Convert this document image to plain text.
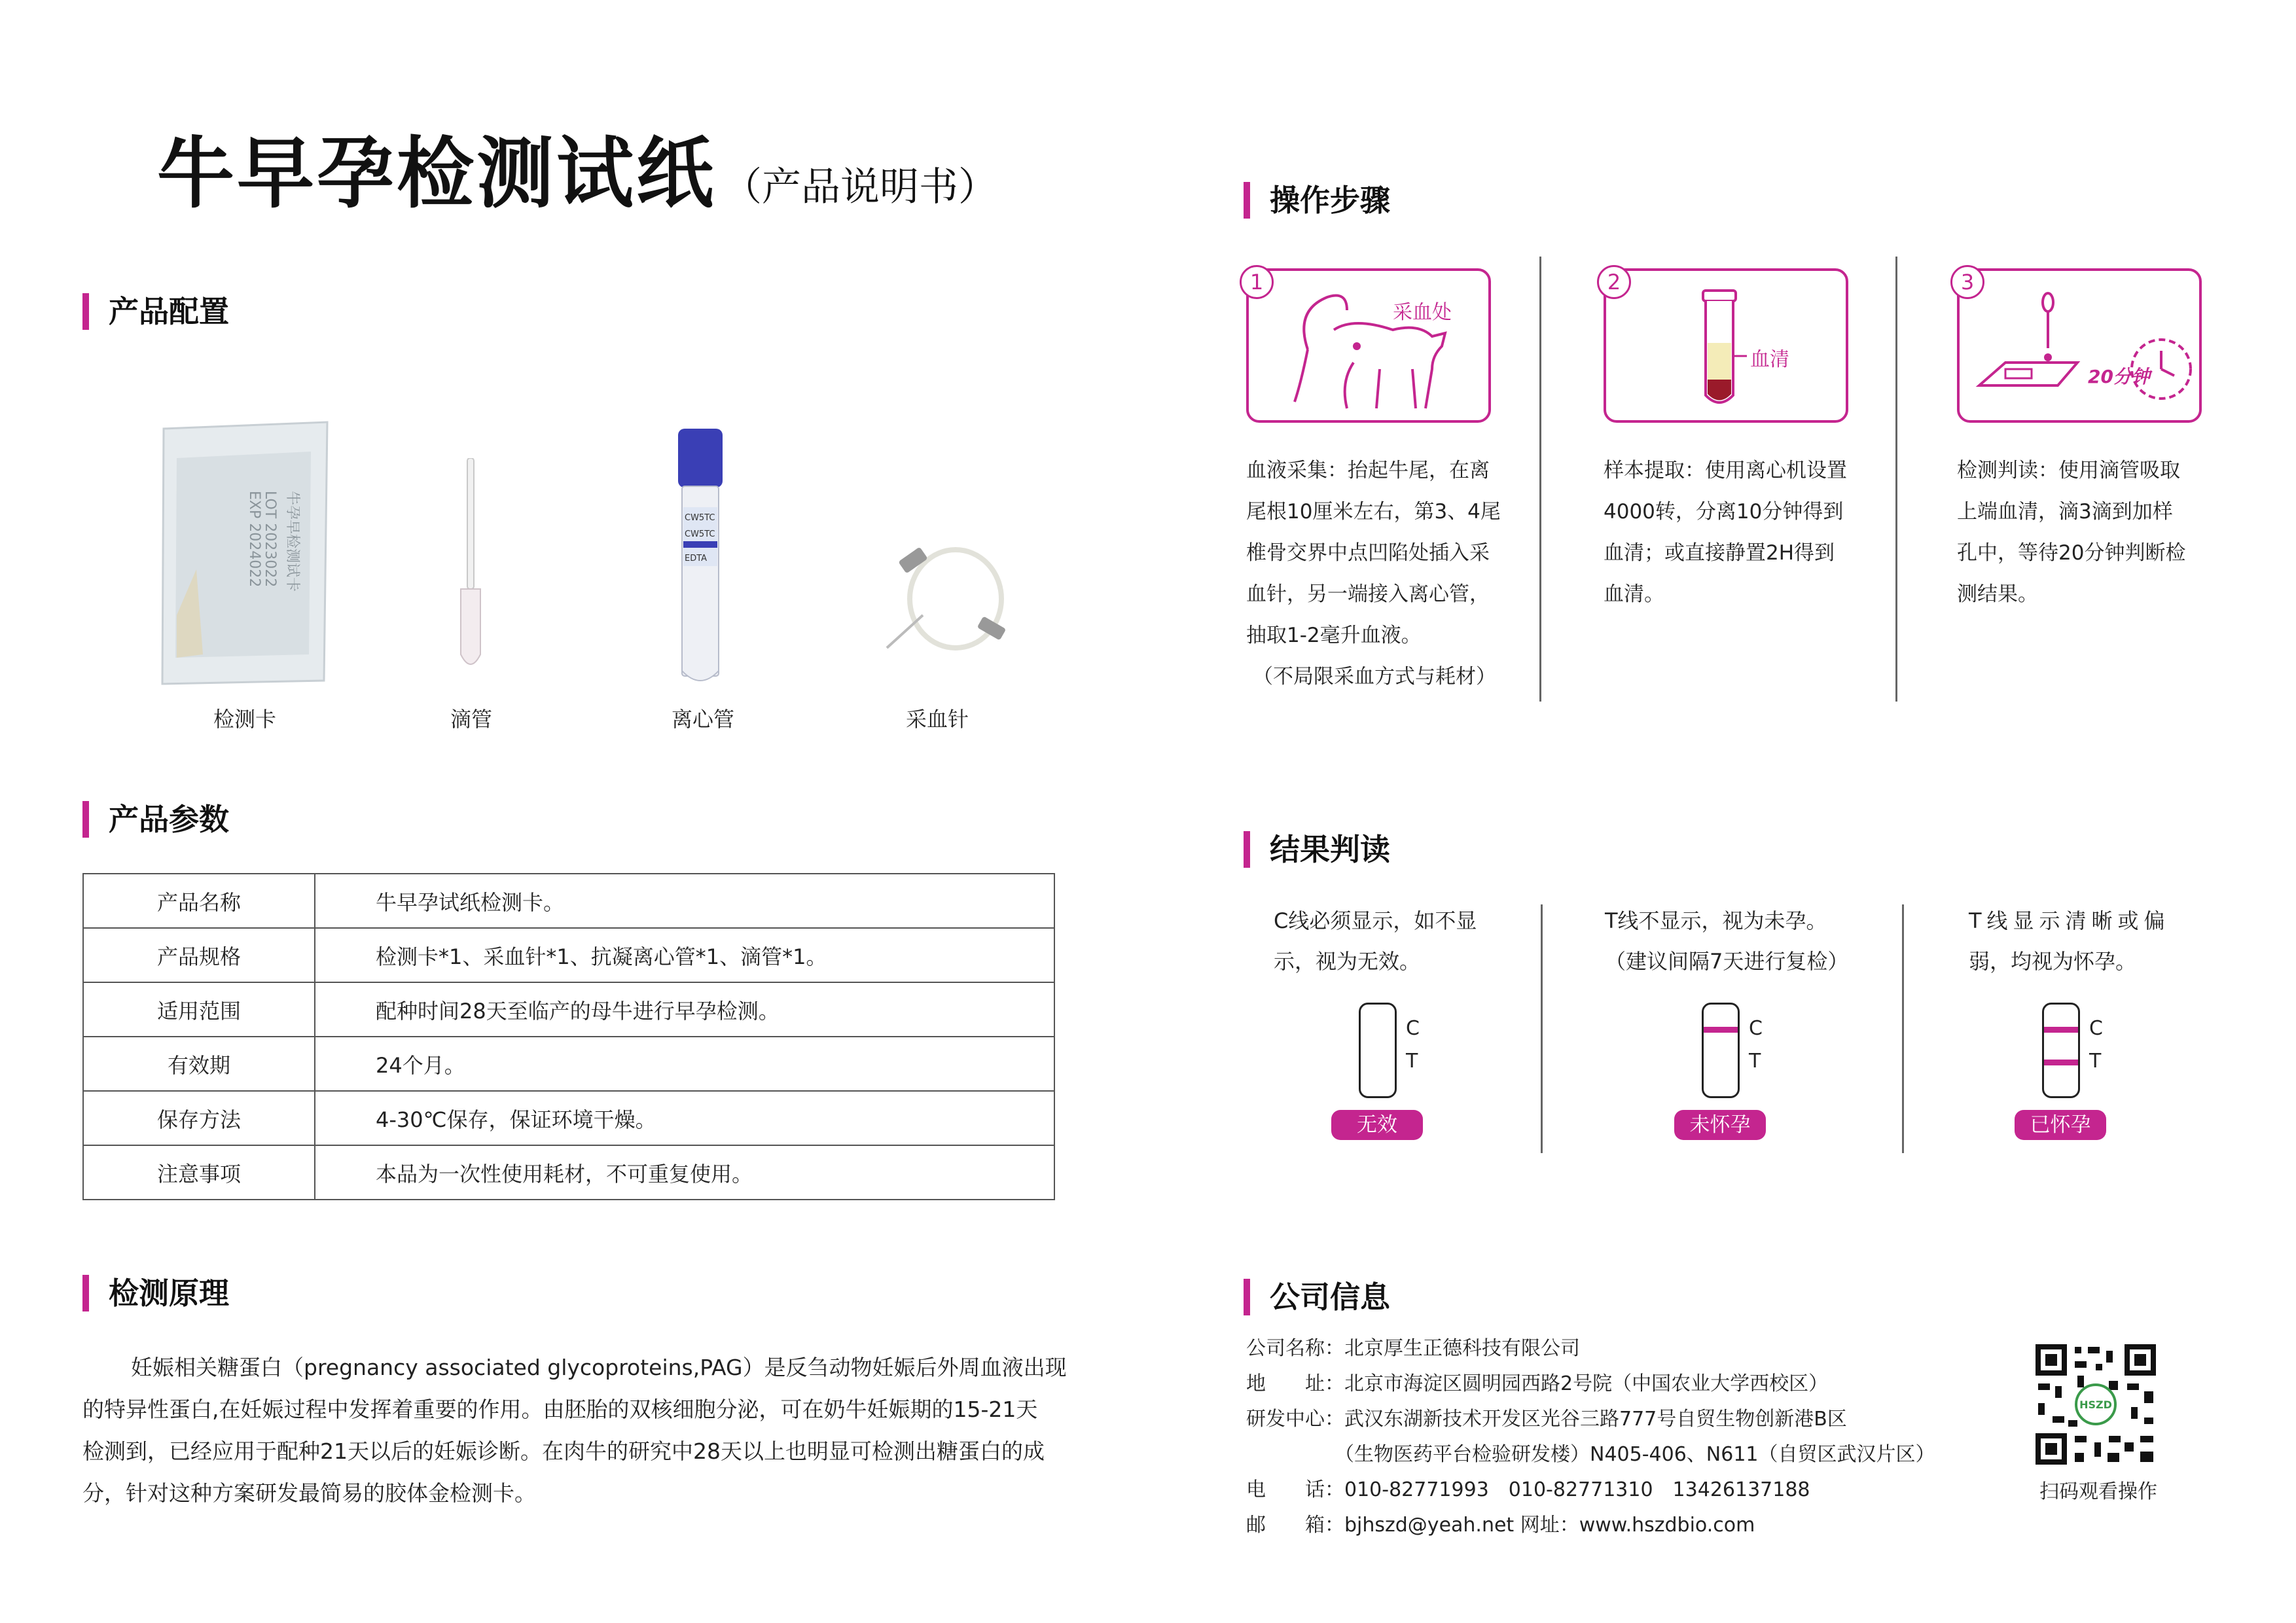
牛早孕检测试纸 （产品说明书）
产品配置
牛孕早检测试卡
LOT 2023022
EXP 2024022	CW5TC
CW5TC
EDTA
检测卡	滴管	离心管	采血针
产品参数
产品名称	牛早孕试纸检测卡。
产品规格	检测卡*1、采血针*1、抗凝离心管*1、滴管*1。
适用范围	配种时间28天至临产的母牛进行早孕检测。
有效期	24个月。
保存方法	4-30℃保存，保证环境干燥。
注意事项	本品为一次性使用耗材，不可重复使用。
检测原理
妊娠相关糖蛋白（pregnancy associated glycoproteins,PAG）是反刍动物妊娠后外周血液出现
的特异性蛋白,在妊娠过程中发挥着重要的作用。由胚胎的双核细胞分泌，可在奶牛妊娠期的15-21天
检测到，已经应用于配种21天以后的妊娠诊断。在肉牛的研究中28天以上也明显可检测出糖蛋白的成
分，针对这种方案研发最简易的胶体金检测卡。
操作步骤
采血处
1
血液采集：抬起牛尾，在离
尾根10厘米左右，第3、4尾
椎骨交界中点凹陷处插入采
血针，另一端接入离心管，
抽取1-2毫升血液。
（不局限采血方式与耗材）
血清
2
样本提取：使用离心机设置
4000转，分离10分钟得到
血清；或直接静置2H得到
血清。
20分钟
3
检测判读：使用滴管吸取
上端血清，滴3滴到加样
孔中，等待20分钟判断检
测结果。
结果判读
C线必须显示，如不显
示，视为无效。
C
T
无效
T线不显示，视为未孕。
（建议间隔7天进行复检）
C
T
未怀孕
T线显示清晰或偏
弱，均视为怀孕。
C
T
已怀孕
公司信息
公司名称：北京厚生正德科技有限公司
地　　址：北京市海淀区圆明园西路2号院（中国农业大学西校区）
研发中心：武汉东湖新技术开发区光谷三路777号自贸生物创新港B区
　　　　　（生物医药平台检验研发楼）N405-406、N611（自贸区武汉片区）
电　　话：010-82771993　010-82771310　13426137188
邮　　箱：bjhszd@yeah.net 网址：www.hszdbio.com
HSZD
扫码观看操作
